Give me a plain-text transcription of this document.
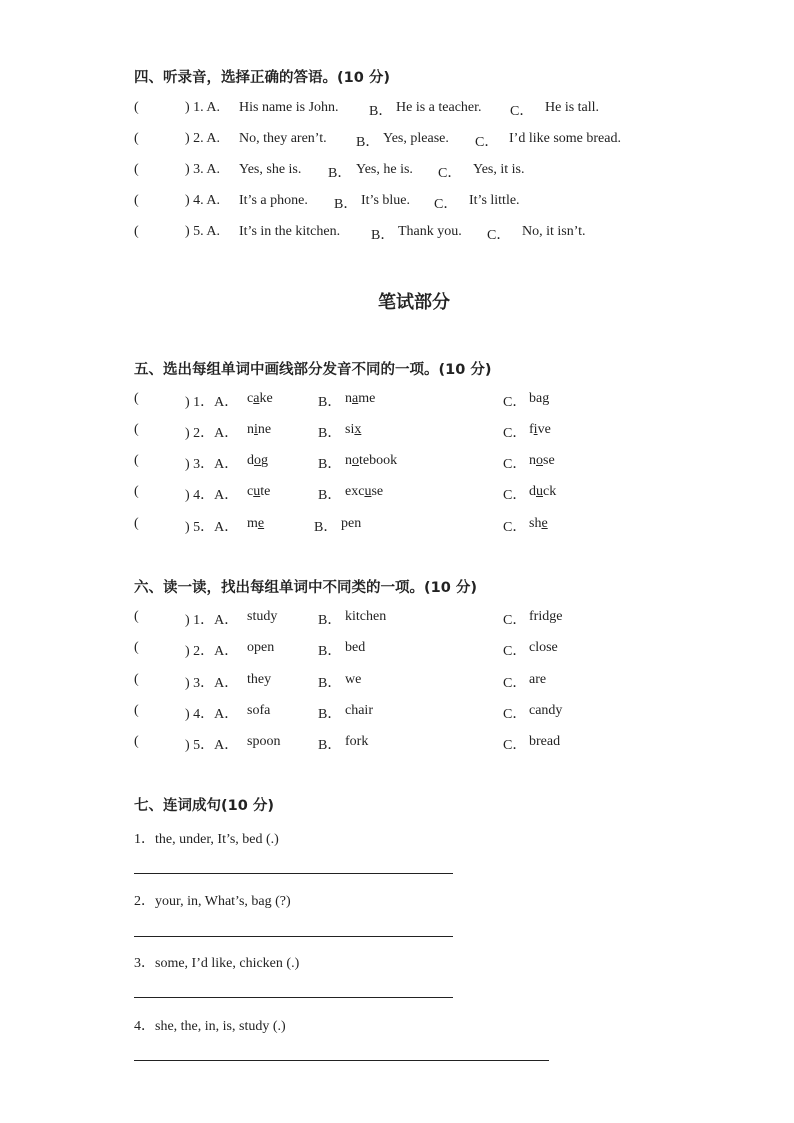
四、听录音，选择正确的答语。(10 分)
(	) 1. A. His name is John. B． He is a teacher. C． He is tall.
(	) 2. A. No, they aren’t. B． Yes, please. C． I’d like some bread.
(	) 3. A. Yes, she is. B． Yes, he is. C． Yes, it is.
(	) 4. A. It’s a phone. B． It’s blue. C． It’s little.
(	) 5. A. It’s in the kitchen. B． Thank you. C． No, it isn’t.
笔试部分
五、选出每组单词中画线部分发音不同的一项。(10 分)
(	) 1．A． cake	B． name	C． bag
(	) 2．A． nine	B． six	C． five
(	) 3．A． dog	B． notebook	C． nose
(	) 4．A． cute	B． excuse	C． duck
(	) 5．A． me	B． pen	C． she
六、读一读，找出每组单词中不同类的一项。(10 分)
(	) 1．A． study	B． kitchen	C． fridge
(	) 2．A． open	B． bed	C． close
(	) 3．A． they	B． we	C． are
(	) 4．A． sofa	B． chair	C． candy
(	) 5．A． spoon	B． fork	C． bread
七、连词成句(10 分)
1．the, under, It’s, bed (.)
2．your, in, What’s, bag (?)
3．some, I’d like, chicken (.)
4．she, the, in, is, study (.)
